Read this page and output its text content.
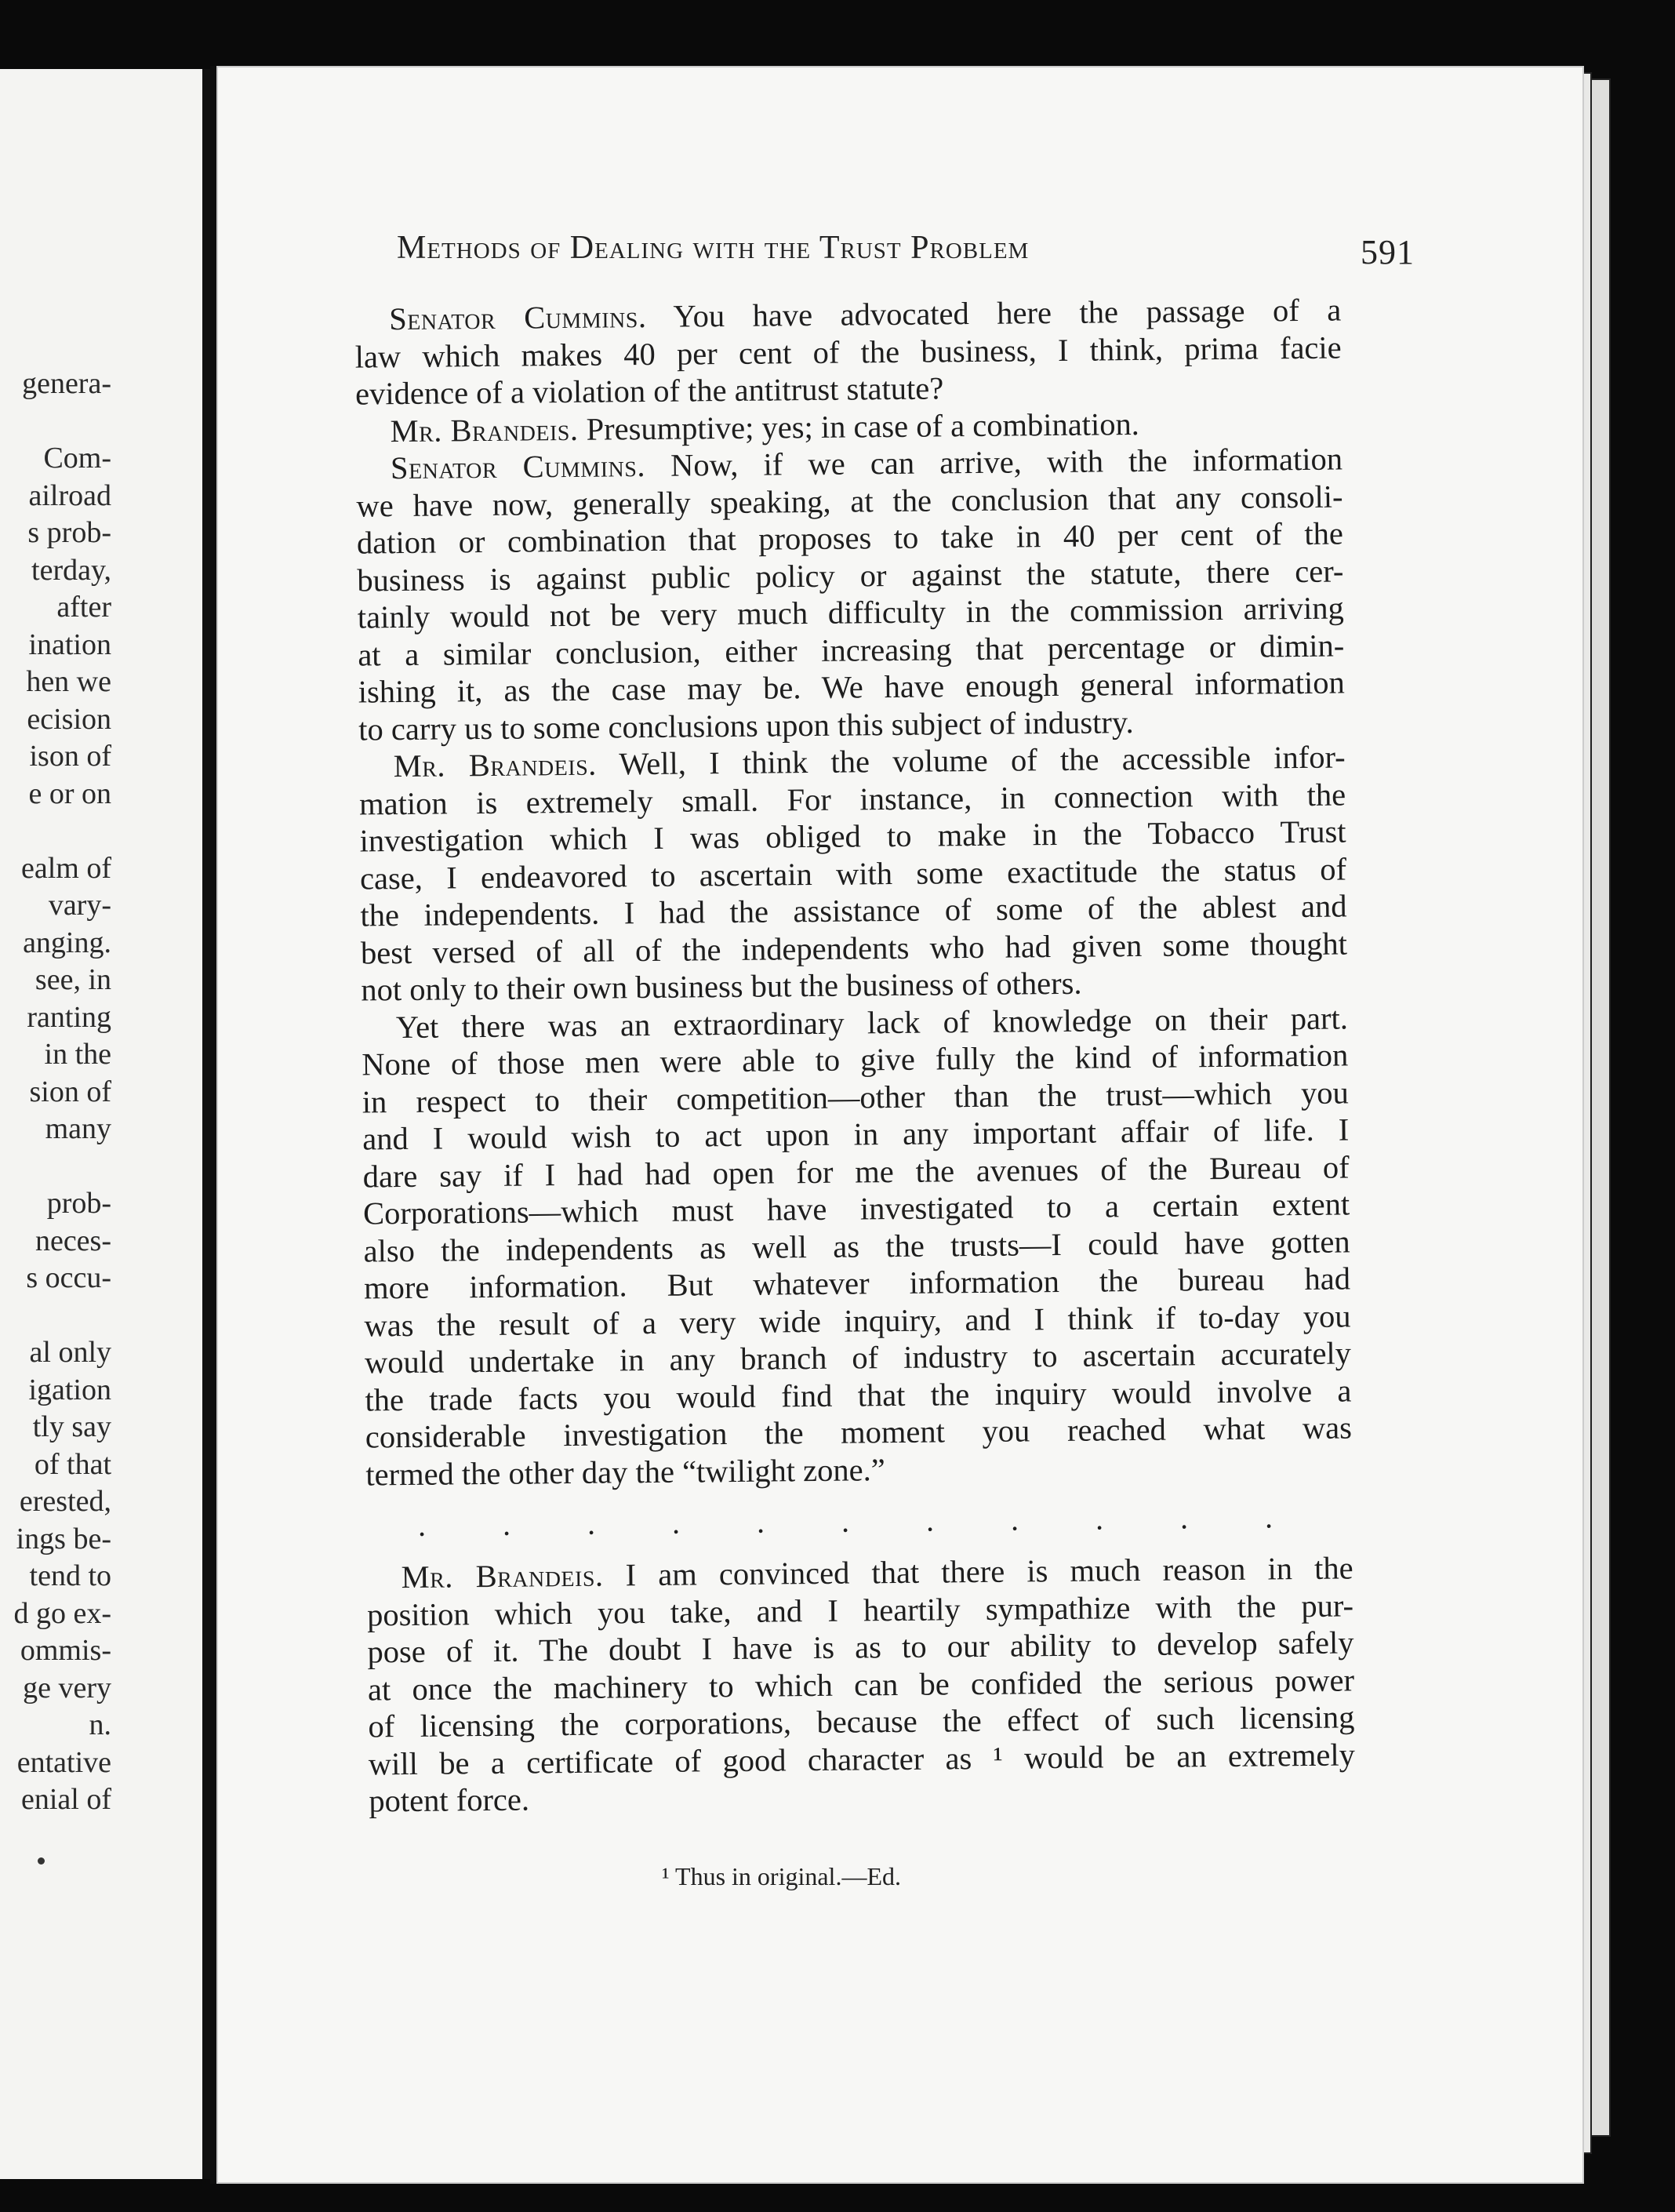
genera-

Com-
ailroad
s prob-
terday,
after
ination
hen we
ecision
ison of
e or on

ealm of
vary-
anging.
see, in
ranting
in the
sion of
many

prob-
neces-
s occu-

al only
igation
tly say
of that
erested,
ings be-
tend to
d go ex-
ommis-
ge very
n.
entative
enial of
Methods of Dealing with the Trust Problem	591
Senator Cummins. You have advocated here the passage of a
law which makes 40 per cent of the business, I think, prima facie
evidence of a violation of the antitrust statute?
Mr. Brandeis. Presumptive; yes; in case of a combination.
Senator Cummins. Now, if we can arrive, with the information
we have now, generally speaking, at the conclusion that any consoli-
dation or combination that proposes to take in 40 per cent of the
business is against public policy or against the statute, there cer-
tainly would not be very much difficulty in the commission arriving
at a similar conclusion, either increasing that percentage or dimin-
ishing it, as the case may be. We have enough general information
to carry us to some conclusions upon this subject of industry.
Mr. Brandeis. Well, I think the volume of the accessible infor-
mation is extremely small. For instance, in connection with the
investigation which I was obliged to make in the Tobacco Trust
case, I endeavored to ascertain with some exactitude the status of
the independents. I had the assistance of some of the ablest and
best versed of all of the independents who had given some thought
not only to their own business but the business of others.
Yet there was an extraordinary lack of knowledge on their part.
None of those men were able to give fully the kind of information
in respect to their competition—other than the trust—which you
and I would wish to act upon in any important affair of life. I
dare say if I had had open for me the avenues of the Bureau of
Corporations—which must have investigated to a certain extent
also the independents as well as the trusts—I could have gotten
more information. But whatever information the bureau had
was the result of a very wide inquiry, and I think if to-day you
would undertake in any branch of industry to ascertain accurately
the trade facts you would find that the inquiry would involve a
considerable investigation the moment you reached what was
termed the other day the “twilight zone.”
. . . . . . . . . . .
Mr. Brandeis. I am convinced that there is much reason in the
position which you take, and I heartily sympathize with the pur-
pose of it. The doubt I have is as to our ability to develop safely
at once the machinery to which can be confided the serious power
of licensing the corporations, because the effect of such licensing
will be a certificate of good character as ¹ would be an extremely
potent force.
¹ Thus in original.—Ed.
